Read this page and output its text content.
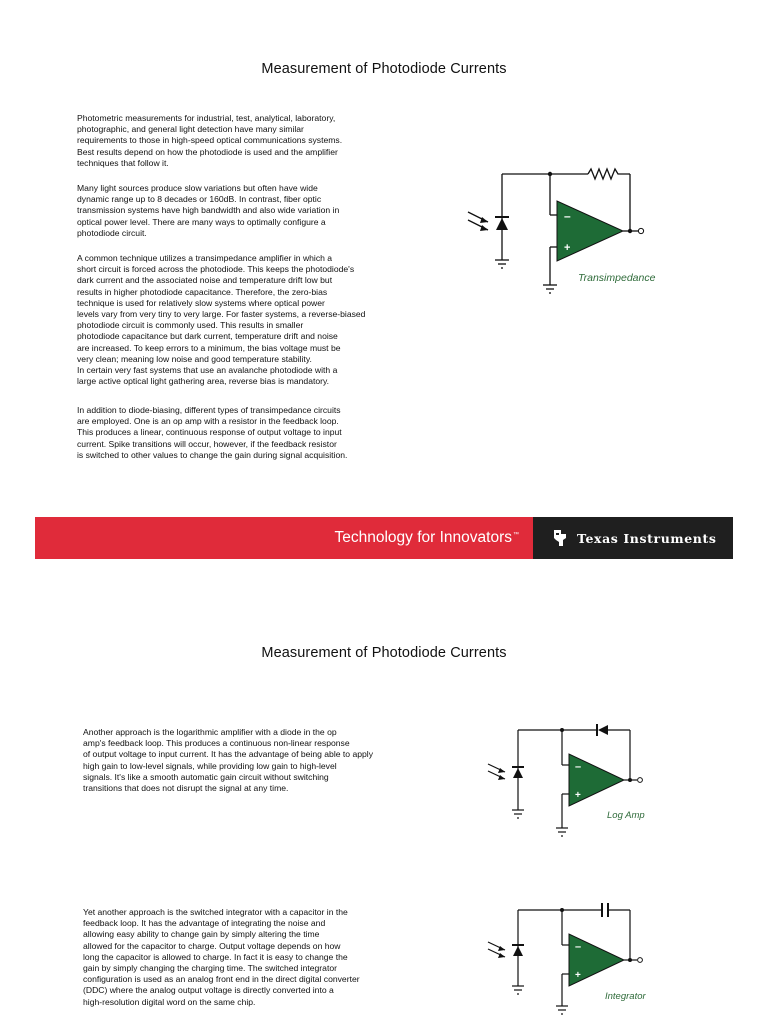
Measurement of Photodiode Currents

Photometric measurements for industrial, test, analytical, laboratory,
photographic, and general light detection have many similar
requirements to those in high-speed optical communications systems.
Best results depend on how the photodiode is used and the amplifier
techniques that follow it.

Many light sources produce slow variations but often have wide
dynamic range up to 8 decades or 160dB. In contrast, fiber optic
transmission systems have high bandwidth and also wide variation in
optical power level. There are many ways to optimally configure a
photodiode circuit.

A common technique utilizes a transimpedance amplifier in which a
short circuit is forced across the photodiode. This keeps the photodiode's
dark current and the associated noise and temperature drift low but
results in higher photodiode capacitance. Therefore, the zero-bias
technique is used for relatively slow systems where optical power
levels vary from very tiny to very large. For faster systems, a reverse-biased
photodiode circuit is commonly used. This results in smaller
photodiode capacitance but dark current, temperature drift and noise
are increased. To keep errors to a minimum, the bias voltage must be
very clean; meaning low noise and good temperature stability.
In certain very fast systems that use an avalanche photodiode with a
large active optical light gathering area, reverse bias is mandatory.

In addition to diode-biasing, different types of transimpedance circuits
are employed. One is an op amp with a resistor in the feedback loop.
This produces a linear, continuous response of output voltage to input
current. Spike transitions will occur, however, if the feedback resistor
is switched to other values to change the gain during signal acquisition.

–
+
Transimpedance
Technology for Innovators™	Texas Instruments
Measurement of Photodiode Currents

Another approach is the logarithmic amplifier with a diode in the op
amp's feedback loop. This produces a continuous non-linear response
of output voltage to input current. It has the advantage of being able to apply
high gain to low-level signals, while providing low gain to high-level
signals. It's like a smooth automatic gain circuit without switching
transitions that does not disrupt the signal at any time.

Yet another approach is the switched integrator with a capacitor in the
feedback loop. It has the advantage of integrating the noise and
allowing easy ability to change gain by simply altering the time
allowed for the capacitor to charge. Output voltage depends on how
long the capacitor is allowed to charge. In fact it is easy to change the
gain by simply changing the charging time. The switched integrator
configuration is used as an analog front end in the direct digital converter
(DDC) where the analog output voltage is directly converted into a
high-resolution digital word on the same chip.

–
+
Log Amp
–
+
Integrator
